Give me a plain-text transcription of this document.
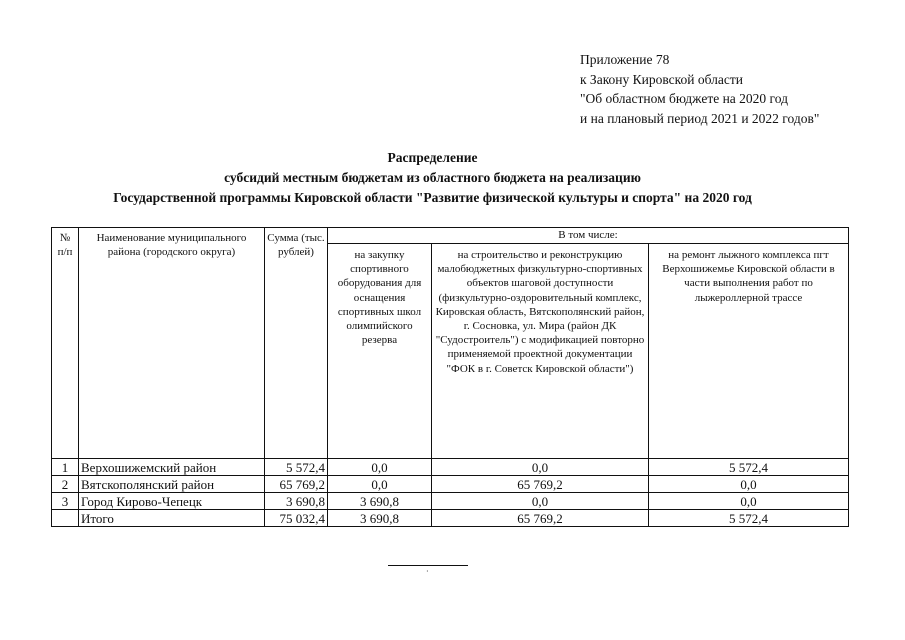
Приложение 78
к Закону Кировской области
"Об областном бюджете на 2020 год
и на плановый период 2021 и 2022 годов"
Распределение
субсидий местным бюджетам из областного бюджета на реализацию
Государственной программы Кировской области "Развитие физической культуры и спорта" на 2020 год
№ п/п	Наименование муниципального района (городского округа)	Сумма (тыс. рублей)	В том числе:		
			на закупку спортивного оборудования для оснащения спортивных школ олимпийского резерва	на строительство и реконструкцию малобюджетных физкультурно-спортивных объектов шаговой доступности (физкультурно-оздоровительный комплекс, Кировская область, Вятскополянский район, г. Сосновка, ул. Мира (район ДК "Судостроитель") с модификацией повторно применяемой проектной документации "ФОК в г. Советск Кировской области")	на ремонт лыжного комплекса пгт Верхошижемье Кировской области в части выполнения работ по лыжероллерной трассе
1	Верхошижемский район	5 572,4	0,0	0,0	5 572,4
2	Вятскополянский район	65 769,2	0,0	65 769,2	0,0
3	Город Кирово-Чепецк	3 690,8	3 690,8	0,0	0,0
	Итого	75 032,4	3 690,8	65 769,2	5 572,4
·
